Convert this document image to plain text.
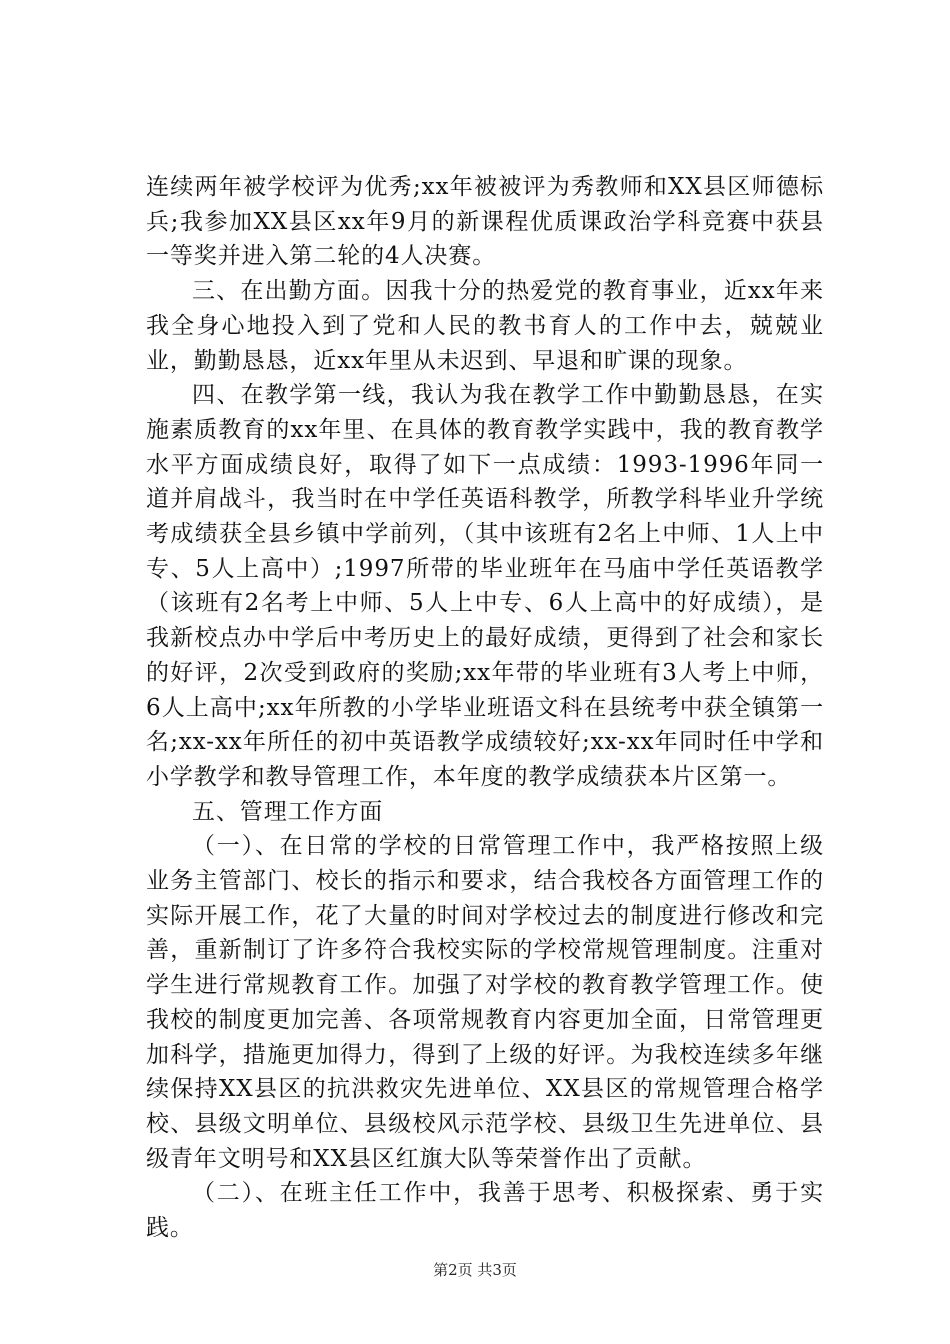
连续两年被学校评为优秀;xx年被被评为秀教师和XX县区师德标兵;我参加XX县区xx年9月的新课程优质课政治学科竞赛中获县一等奖并进入第二轮的4人决赛。

三、在出勤方面。因我十分的热爱党的教育事业，近xx年来我全身心地投入到了党和人民的教书育人的工作中去，兢兢业业，勤勤恳恳，近xx年里从未迟到、早退和旷课的现象。

四、在教学第一线，我认为我在教学工作中勤勤恳恳，在实施素质教育的xx年里、在具体的教育教学实践中，我的教育教学水平方面成绩良好，取得了如下一点成绩：1993-1996年同一道并肩战斗，我当时在中学任英语科教学，所教学科毕业升学统考成绩获全县乡镇中学前列，（其中该班有2名上中师、1人上中专、5人上高中）;1997所带的毕业班年在马庙中学任英语教学（该班有2名考上中师、5人上中专、6人上高中的好成绩），是我新校点办中学后中考历史上的最好成绩，更得到了社会和家长的好评，2次受到政府的奖励;xx年带的毕业班有3人考上中师，6人上高中;xx年所教的小学毕业班语文科在县统考中获全镇第一名;xx-xx年所任的初中英语教学成绩较好;xx-xx年同时任中学和小学教学和教导管理工作，本年度的教学成绩获本片区第一。

五、管理工作方面

（一）、在日常的学校的日常管理工作中，我严格按照上级业务主管部门、校长的指示和要求，结合我校各方面管理工作的实际开展工作，花了大量的时间对学校过去的制度进行修改和完善，重新制订了许多符合我校实际的学校常规管理制度。注重对学生进行常规教育工作。加强了对学校的教育教学管理工作。使我校的制度更加完善、各项常规教育内容更加全面，日常管理更加科学，措施更加得力，得到了上级的好评。为我校连续多年继续保持XX县区的抗洪救灾先进单位、XX县区的常规管理合格学校、县级文明单位、县级校风示范学校、县级卫生先进单位、县级青年文明号和XX县区红旗大队等荣誉作出了贡献。

（二）、在班主任工作中，我善于思考、积极探索、勇于实践。

第2页 共3页
